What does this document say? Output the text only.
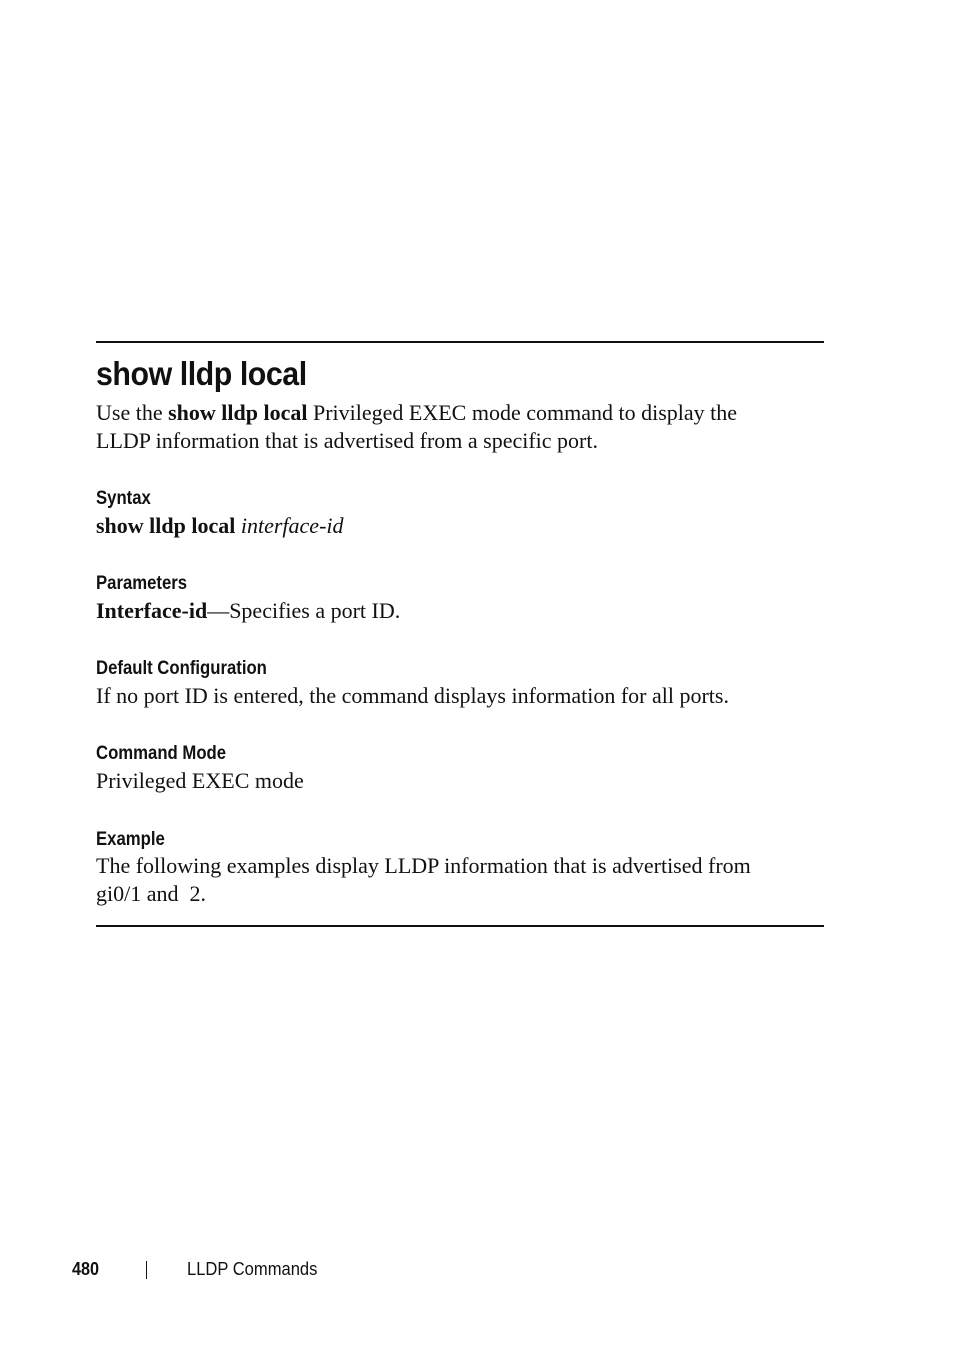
show lldp local

Use the show lldp local Privileged EXEC mode command to display the

LLDP information that is advertised from a specific port.

Syntax

show lldp local interface-id

Parameters

Interface-id—Specifies a port ID.

Default Configuration

If no port ID is entered, the command displays information for all ports.

Command Mode

Privileged EXEC mode

Example

The following examples display LLDP information that is advertised from

gi0/1 and  2.

480	LLDP Commands
